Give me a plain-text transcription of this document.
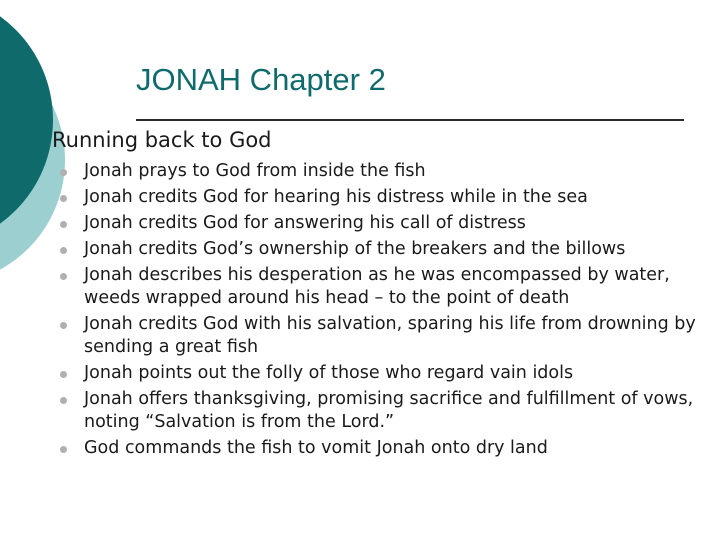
JONAH Chapter 2
Running back to God
Jonah prays to God from inside the fish
Jonah credits God for hearing his distress while in the sea
Jonah credits God for answering his call of distress
Jonah credits God’s ownership of the breakers and the billows
Jonah describes his desperation as he was encompassed by water, weeds wrapped around his head – to the point of death
Jonah credits God with his salvation, sparing his life from drowning by sending a great fish
Jonah points out the folly of those who regard vain idols
Jonah offers thanksgiving, promising sacrifice and fulfillment of vows, noting “Salvation is from the Lord.”
God commands the fish to vomit Jonah onto dry land
